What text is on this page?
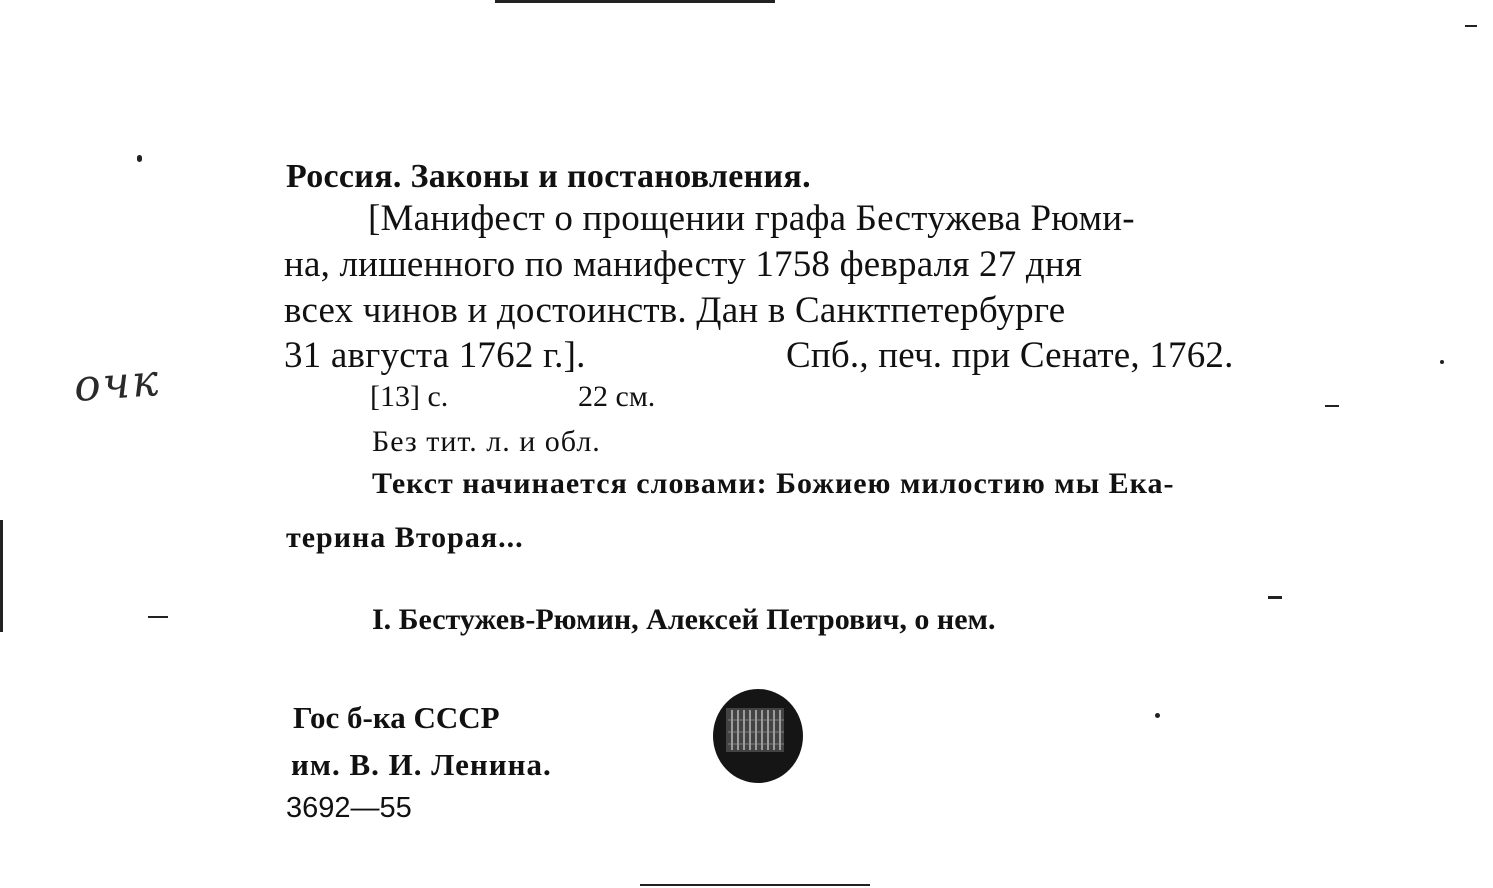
очк
Россия. Законы и постановления.
[Манифест о прощении графа Бестужева Рюми-
на, лишенного по манифесту 1758 февраля 27 дня
всех чинов и достоинств. Дан в Санктпетербурге
31 августа 1762 г.].	Спб., печ. при Сенате, 1762.
[13] с.	22 см.
Без тит. л. и обл.
Текст начинается словами: Божиею милостию мы Ека-
терина Вторая...
I. Бестужев-Рюмин, Алексей Петрович, о нем.
Гос б-ка СССР
им. В. И. Ленина.
3692—55
